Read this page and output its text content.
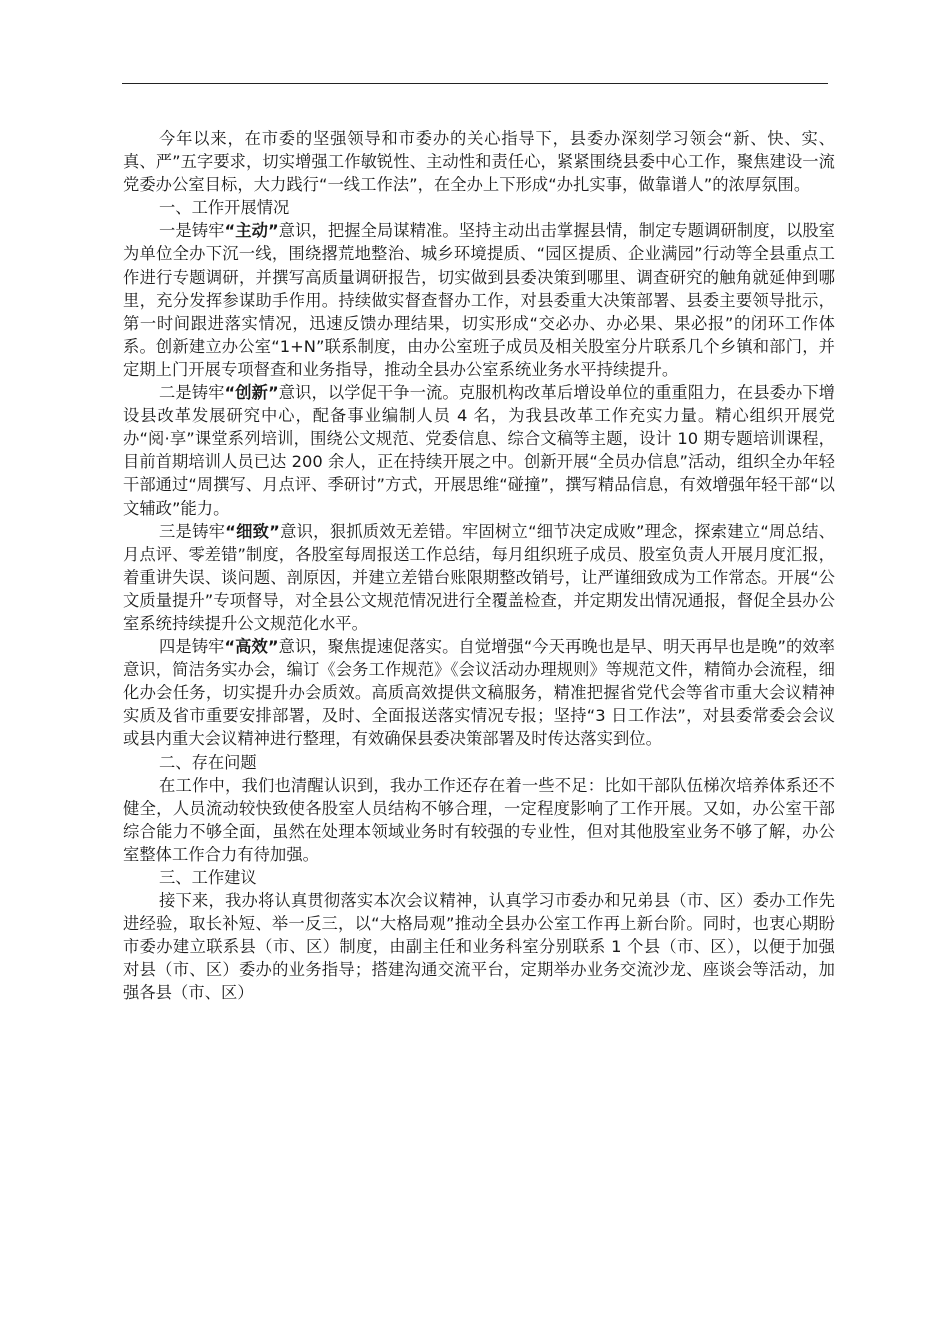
今年以来，在市委的坚强领导和市委办的关心指导下，县委办深刻学习领会“新、快、实、真、严”五字要求，切实增强工作敏锐性、主动性和责任心，紧紧围绕县委中心工作，聚焦建设一流党委办公室目标，大力践行“一线工作法”，在全办上下形成“办扎实事，做靠谱人”的浓厚氛围。

一、工作开展情况

一是铸牢“主动”意识，把握全局谋精准。坚持主动出击掌握县情，制定专题调研制度，以股室为单位全办下沉一线，围绕撂荒地整治、城乡环境提质、“园区提质、企业满园”行动等全县重点工作进行专题调研，并撰写高质量调研报告，切实做到县委决策到哪里、调查研究的触角就延伸到哪里，充分发挥参谋助手作用。持续做实督查督办工作，对县委重大决策部署、县委主要领导批示，第一时间跟进落实情况，迅速反馈办理结果，切实形成“交必办、办必果、果必报”的闭环工作体系。创新建立办公室“1+N”联系制度，由办公室班子成员及相关股室分片联系几个乡镇和部门，并定期上门开展专项督查和业务指导，推动全县办公室系统业务水平持续提升。

二是铸牢“创新”意识，以学促干争一流。克服机构改革后增设单位的重重阻力，在县委办下增设县改革发展研究中心，配备事业编制人员 4 名，为我县改革工作充实力量。精心组织开展党办“阅·享”课堂系列培训，围绕公文规范、党委信息、综合文稿等主题，设计 10 期专题培训课程，目前首期培训人员已达 200 余人，正在持续开展之中。创新开展“全员办信息”活动，组织全办年轻干部通过“周撰写、月点评、季研讨”方式，开展思维“碰撞”，撰写精品信息，有效增强年轻干部“以文辅政”能力。

三是铸牢“细致”意识，狠抓质效无差错。牢固树立“细节决定成败”理念，探索建立“周总结、月点评、零差错”制度，各股室每周报送工作总结，每月组织班子成员、股室负责人开展月度汇报，着重讲失误、谈问题、剖原因，并建立差错台账限期整改销号，让严谨细致成为工作常态。开展“公文质量提升”专项督导，对全县公文规范情况进行全覆盖检查，并定期发出情况通报，督促全县办公室系统持续提升公文规范化水平。

四是铸牢“高效”意识，聚焦提速促落实。自觉增强“今天再晚也是早、明天再早也是晚”的效率意识，简洁务实办会，编订《会务工作规范》《会议活动办理规则》等规范文件，精简办会流程，细化办会任务，切实提升办会质效。高质高效提供文稿服务，精准把握省党代会等省市重大会议精神实质及省市重要安排部署，及时、全面报送落实情况专报；坚持“3 日工作法”，对县委常委会会议或县内重大会议精神进行整理，有效确保县委决策部署及时传达落实到位。

二、存在问题

在工作中，我们也清醒认识到，我办工作还存在着一些不足：比如干部队伍梯次培养体系还不健全，人员流动较快致使各股室人员结构不够合理，一定程度影响了工作开展。又如，办公室干部综合能力不够全面，虽然在处理本领域业务时有较强的专业性，但对其他股室业务不够了解，办公室整体工作合力有待加强。

三、工作建议

接下来，我办将认真贯彻落实本次会议精神，认真学习市委办和兄弟县（市、区）委办工作先进经验，取长补短、举一反三，以“大格局观”推动全县办公室工作再上新台阶。同时，也衷心期盼市委办建立联系县（市、区）制度，由副主任和业务科室分别联系 1 个县（市、区），以便于加强对县（市、区）委办的业务指导；搭建沟通交流平台，定期举办业务交流沙龙、座谈会等活动，加强各县（市、区）
